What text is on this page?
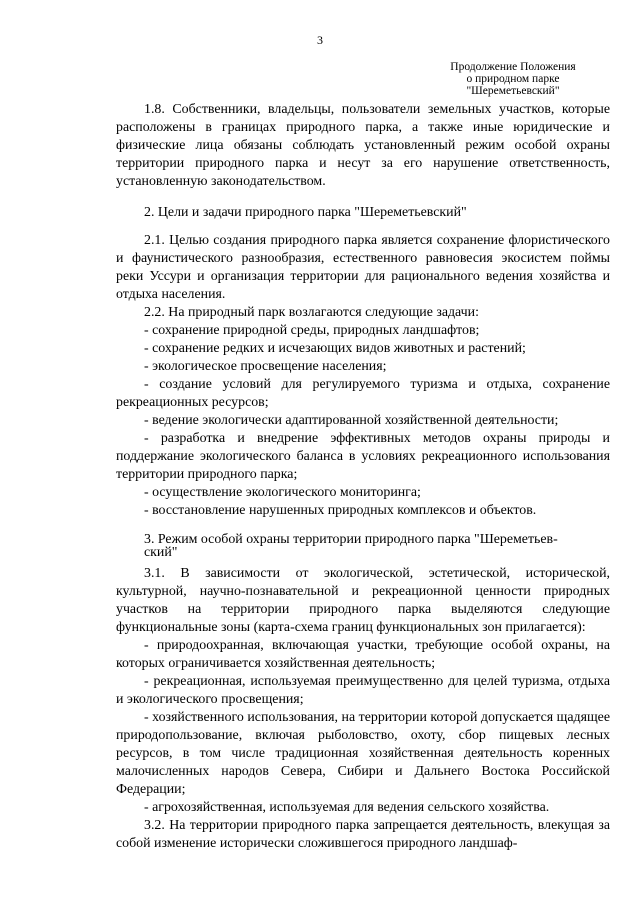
3
Продолжение Положения
о природном парке
"Шереметьевский"

1.8. Собственники, владельцы, пользователи земельных участков, которые расположены в границах природного парка, а также иные юридические и физические лица обязаны соблюдать установленный режим особой охраны территории природного парка и несут за его нарушение ответственность, установленную законодательством.

2. Цели и задачи природного парка "Шереметьевский"

2.1. Целью создания природного парка является сохранение флористического и фаунистического разнообразия, естественного равновесия экосистем поймы реки Уссури и организация территории для рационального ведения хозяйства и отдыха населения.

2.2. На природный парк возлагаются следующие задачи:

- сохранение природной среды, природных ландшафтов;

- сохранение редких и исчезающих видов животных и растений;

- экологическое просвещение населения;

- создание условий для регулируемого туризма и отдыха, сохранение рекреационных ресурсов;

- ведение экологически адаптированной хозяйственной деятельности;

- разработка и внедрение эффективных методов охраны природы и поддержание экологического баланса в условиях рекреационного использования территории природного парка;

- осуществление экологического мониторинга;

- восстановление нарушенных природных комплексов и объектов.

3. Режим особой охраны территории природного парка "Шереметьев-

ский"

3.1. В зависимости от экологической, эстетической, исторической, культурной, научно-познавательной и рекреационной ценности природных участков на территории природного парка выделяются следующие функциональные зоны (карта-схема границ функциональных зон прилагается):

- природоохранная, включающая участки, требующие особой охраны, на которых ограничивается хозяйственная деятельность;

- рекреационная, используемая преимущественно для целей туризма, отдыха и экологического просвещения;

- хозяйственного использования, на территории которой допускается щадящее природопользование, включая рыболовство, охоту, сбор пищевых лесных ресурсов, в том числе традиционная хозяйственная деятельность коренных малочисленных народов Севера, Сибири и Дальнего Востока Российской Федерации;

- агрохозяйственная, используемая для ведения сельского хозяйства.

3.2. На территории природного парка запрещается деятельность, влекущая за собой изменение исторически сложившегося природного ландшаф-
